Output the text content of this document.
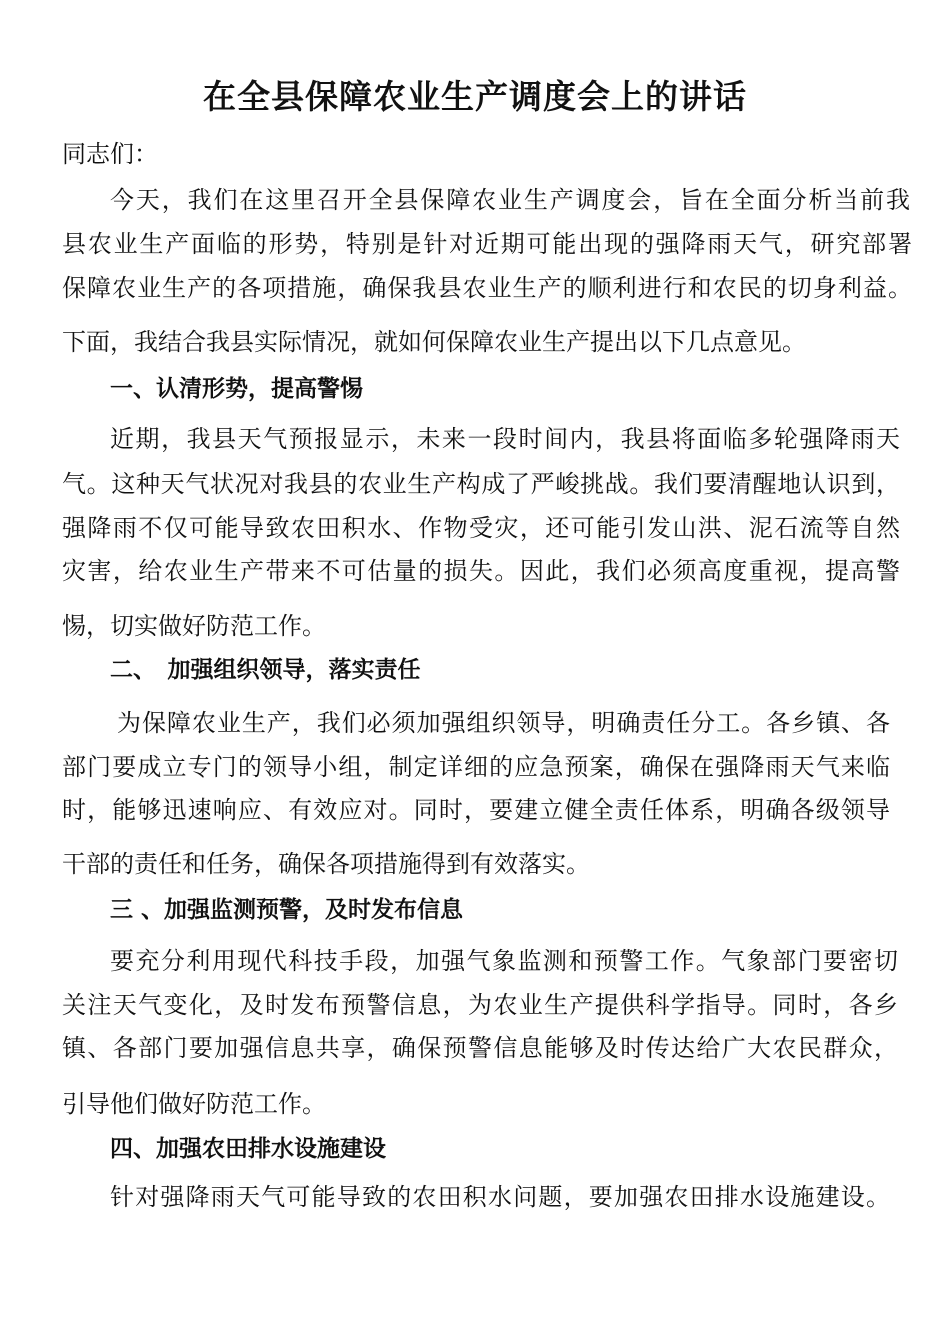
在全县保障农业生产调度会上的讲话

同志们：

今天，我们在这里召开全县保障农业生产调度会，旨在全面分析当前我

县农业生产面临的形势，特别是针对近期可能出现的强降雨天气，研究部署

保障农业生产的各项措施，确保我县农业生产的顺利进行和农民的切身利益。

下面，我结合我县实际情况，就如何保障农业生产提出以下几点意见。

一、认清形势，提高警惕

近期，我县天气预报显示，未来一段时间内，我县将面临多轮强降雨天

气。这种天气状况对我县的农业生产构成了严峻挑战。我们要清醒地认识到，

强降雨不仅可能导致农田积水、作物受灾，还可能引发山洪、泥石流等自然

灾害，给农业生产带来不可估量的损失。因此，我们必须高度重视，提高警

惕，切实做好防范工作。

二、　加强组织领导，落实责任

为保障农业生产，我们必须加强组织领导，明确责任分工。各乡镇、各

部门要成立专门的领导小组，制定详细的应急预案，确保在强降雨天气来临

时，能够迅速响应、有效应对。同时，要建立健全责任体系，明确各级领导

干部的责任和任务，确保各项措施得到有效落实。

三 、加强监测预警，及时发布信息

要充分利用现代科技手段，加强气象监测和预警工作。气象部门要密切

关注天气变化，及时发布预警信息，为农业生产提供科学指导。同时，各乡

镇、各部门要加强信息共享，确保预警信息能够及时传达给广大农民群众，

引导他们做好防范工作。

四、加强农田排水设施建设

针对强降雨天气可能导致的农田积水问题，要加强农田排水设施建设。
